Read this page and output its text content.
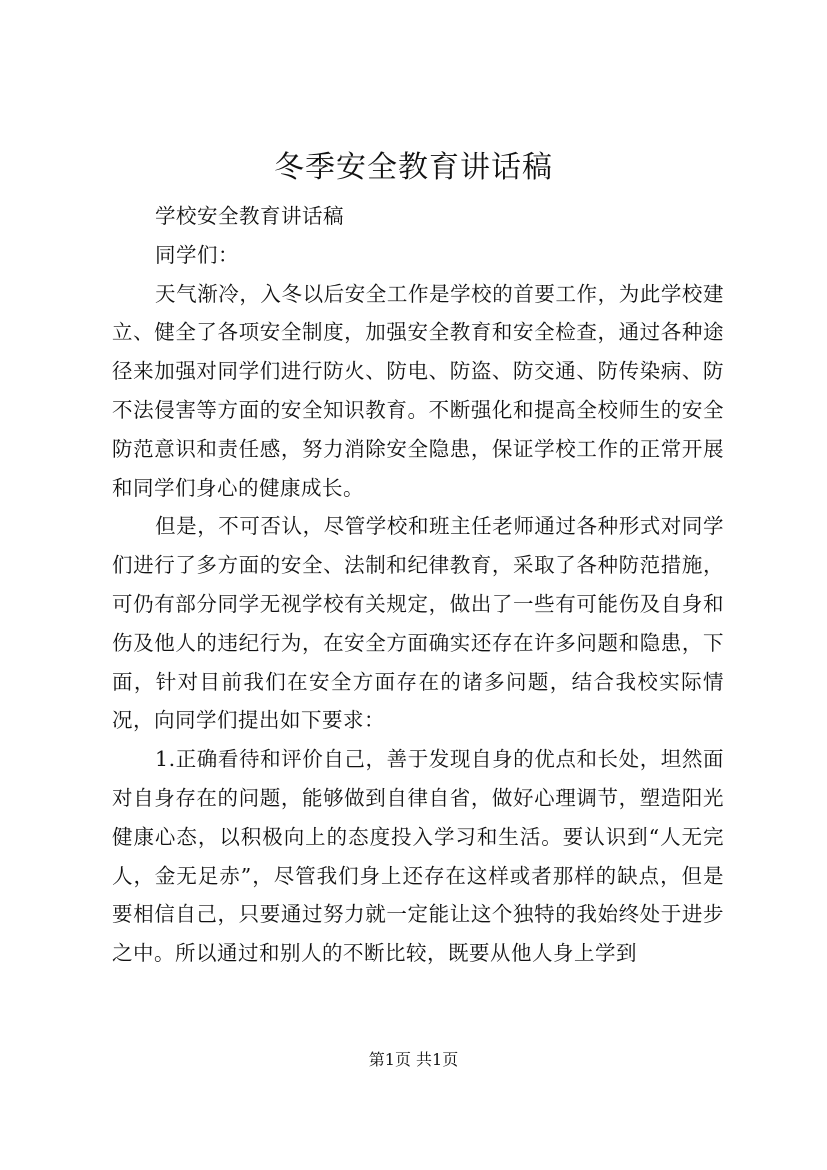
冬季安全教育讲话稿

学校安全教育讲话稿

同学们：

天气渐冷，入冬以后安全工作是学校的首要工作，为此学校建立、健全了各项安全制度，加强安全教育和安全检查，通过各种途径来加强对同学们进行防火、防电、防盗、防交通、防传染病、防不法侵害等方面的安全知识教育。不断强化和提高全校师生的安全防范意识和责任感，努力消除安全隐患，保证学校工作的正常开展和同学们身心的健康成长。

但是，不可否认，尽管学校和班主任老师通过各种形式对同学们进行了多方面的安全、法制和纪律教育，采取了各种防范措施，可仍有部分同学无视学校有关规定，做出了一些有可能伤及自身和伤及他人的违纪行为，在安全方面确实还存在许多问题和隐患，下面，针对目前我们在安全方面存在的诸多问题，结合我校实际情况，向同学们提出如下要求：

1.正确看待和评价自己，善于发现自身的优点和长处，坦然面对自身存在的问题，能够做到自律自省，做好心理调节，塑造阳光健康心态，以积极向上的态度投入学习和生活。要认识到“人无完人，金无足赤”，尽管我们身上还存在这样或者那样的缺点，但是要相信自己，只要通过努力就一定能让这个独特的我始终处于进步之中。所以通过和别人的不断比较，既要从他人身上学到

第1页 共1页
